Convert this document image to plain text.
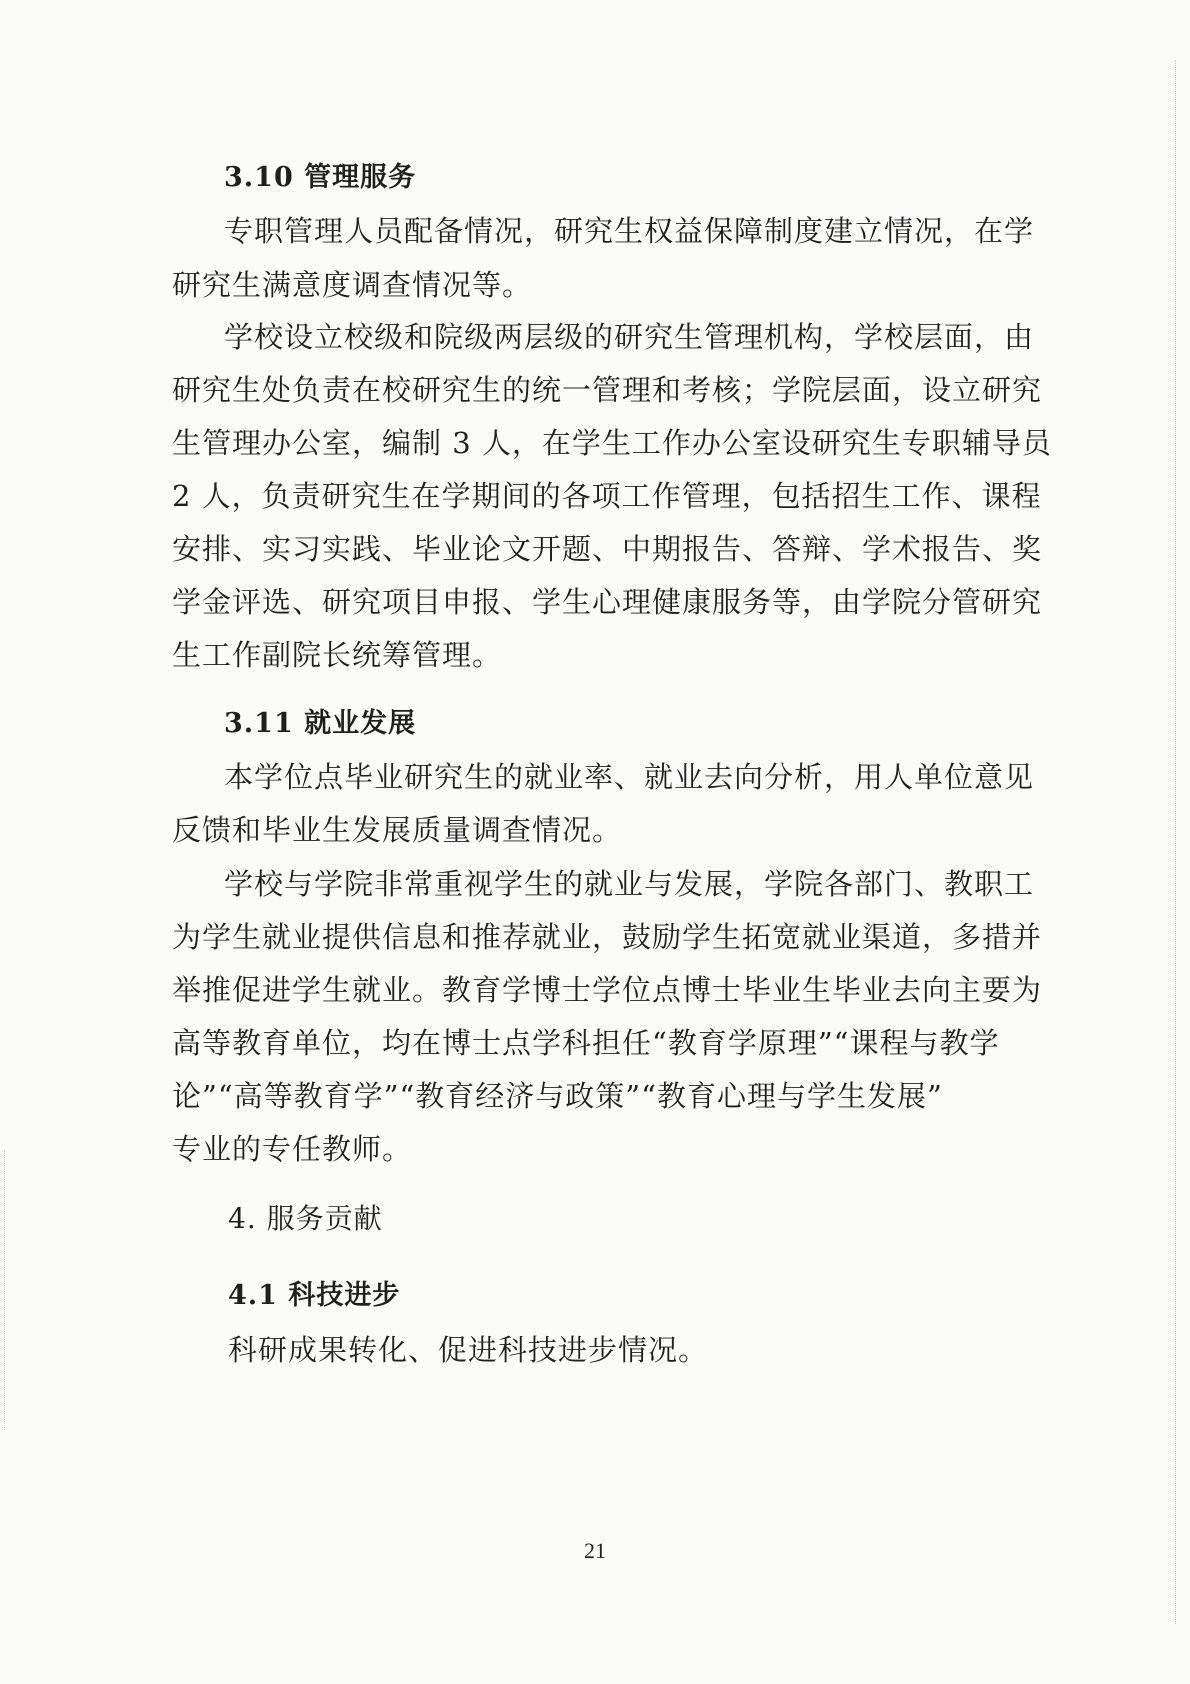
3.10 管理服务
专职管理人员配备情况，研究生权益保障制度建立情况，在学
研究生满意度调查情况等。
学校设立校级和院级两层级的研究生管理机构，学校层面，由
研究生处负责在校研究生的统一管理和考核；学院层面，设立研究
生管理办公室，编制 3 人，在学生工作办公室设研究生专职辅导员
2 人，负责研究生在学期间的各项工作管理，包括招生工作、课程
安排、实习实践、毕业论文开题、中期报告、答辩、学术报告、奖
学金评选、研究项目申报、学生心理健康服务等，由学院分管研究
生工作副院长统筹管理。
3.11 就业发展
本学位点毕业研究生的就业率、就业去向分析，用人单位意见
反馈和毕业生发展质量调查情况。
学校与学院非常重视学生的就业与发展，学院各部门、教职工
为学生就业提供信息和推荐就业，鼓励学生拓宽就业渠道，多措并
举推促进学生就业。教育学博士学位点博士毕业生毕业去向主要为
高等教育单位，均在博士点学科担任“教育学原理”“课程与教学
论”“高等教育学”“教育经济与政策”“教育心理与学生发展”
专业的专任教师。
4. 服务贡献
4.1 科技进步
科研成果转化、促进科技进步情况。
21
